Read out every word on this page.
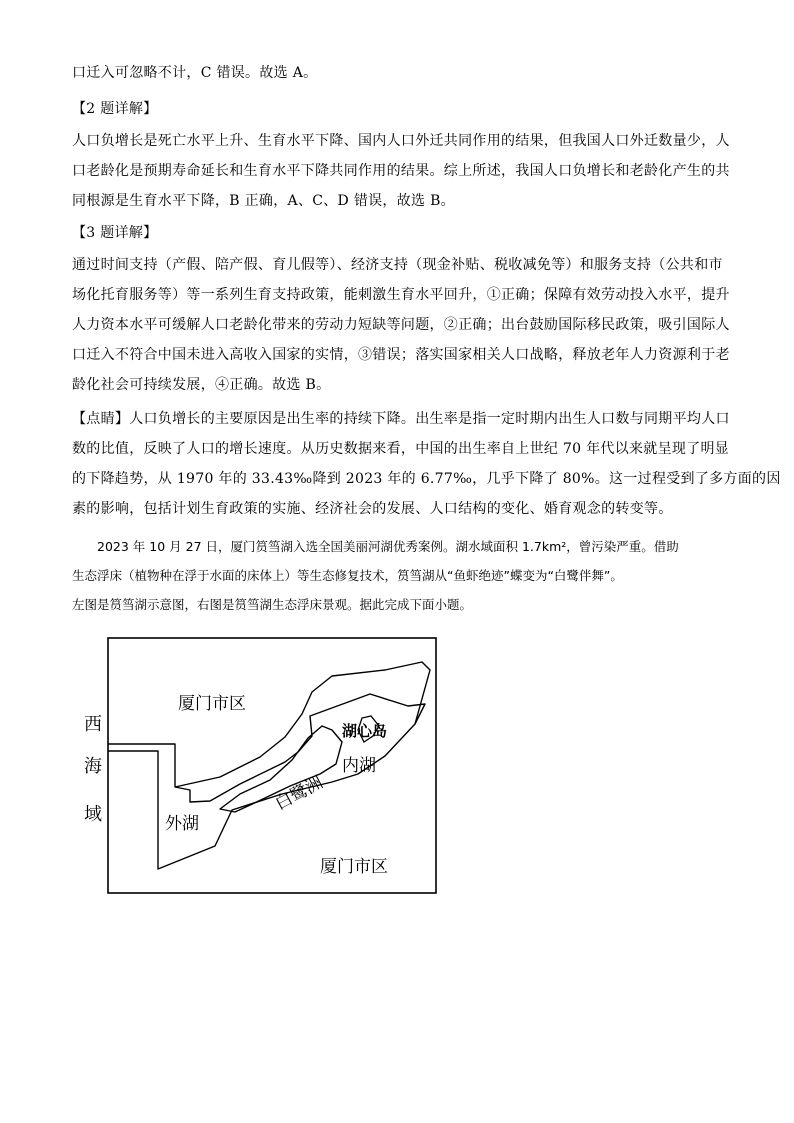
口迁入可忽略不计，C 错误。故选 A。
【2 题详解】
人口负增长是死亡水平上升、生育水平下降、国内人口外迁共同作用的结果，但我国人口外迁数量少，人
口老龄化是预期寿命延长和生育水平下降共同作用的结果。综上所述，我国人口负增长和老龄化产生的共
同根源是生育水平下降，B 正确，A、C、D 错误，故选 B。
【3 题详解】
通过时间支持（产假、陪产假、育儿假等）、经济支持（现金补贴、税收减免等）和服务支持（公共和市
场化托育服务等）等一系列生育支持政策，能刺激生育水平回升，①正确；保障有效劳动投入水平，提升
人力资本水平可缓解人口老龄化带来的劳动力短缺等问题，②正确；出台鼓励国际移民政策，吸引国际人
口迁入不符合中国未进入高收入国家的实情，③错误；落实国家相关人口战略，释放老年人力资源利于老
龄化社会可持续发展，④正确。故选 B。
【点睛】人口负增长的主要原因是出生率的持续下降。出生率是指一定时期内出生人口数与同期平均人口
数的比值，反映了人口的增长速度。从历史数据来看，中国的出生率自上世纪 70 年代以来就呈现了明显
的下降趋势，从 1970 年的 33.43‰降到 2023 年的 6.77‰，几乎下降了 80%。这一过程受到了多方面的因
素的影响，包括计划生育政策的实施、经济社会的发展、人口结构的变化、婚育观念的转变等。
　　2023 年 10 月 27 日，厦门筼筜湖入选全国美丽河湖优秀案例。湖水域面积 1.7km²，曾污染严重。借助
生态浮床（植物种在浮于水面的床体上）等生态修复技术，筼筜湖从“鱼虾绝迹”蝶变为“白鹭伴舞”。
左图是筼筜湖示意图，右图是筼筜湖生态浮床景观。据此完成下面小题。
厦门市区
厦门市区
湖心岛
内湖
外湖
白鹭洲
西
海
域
